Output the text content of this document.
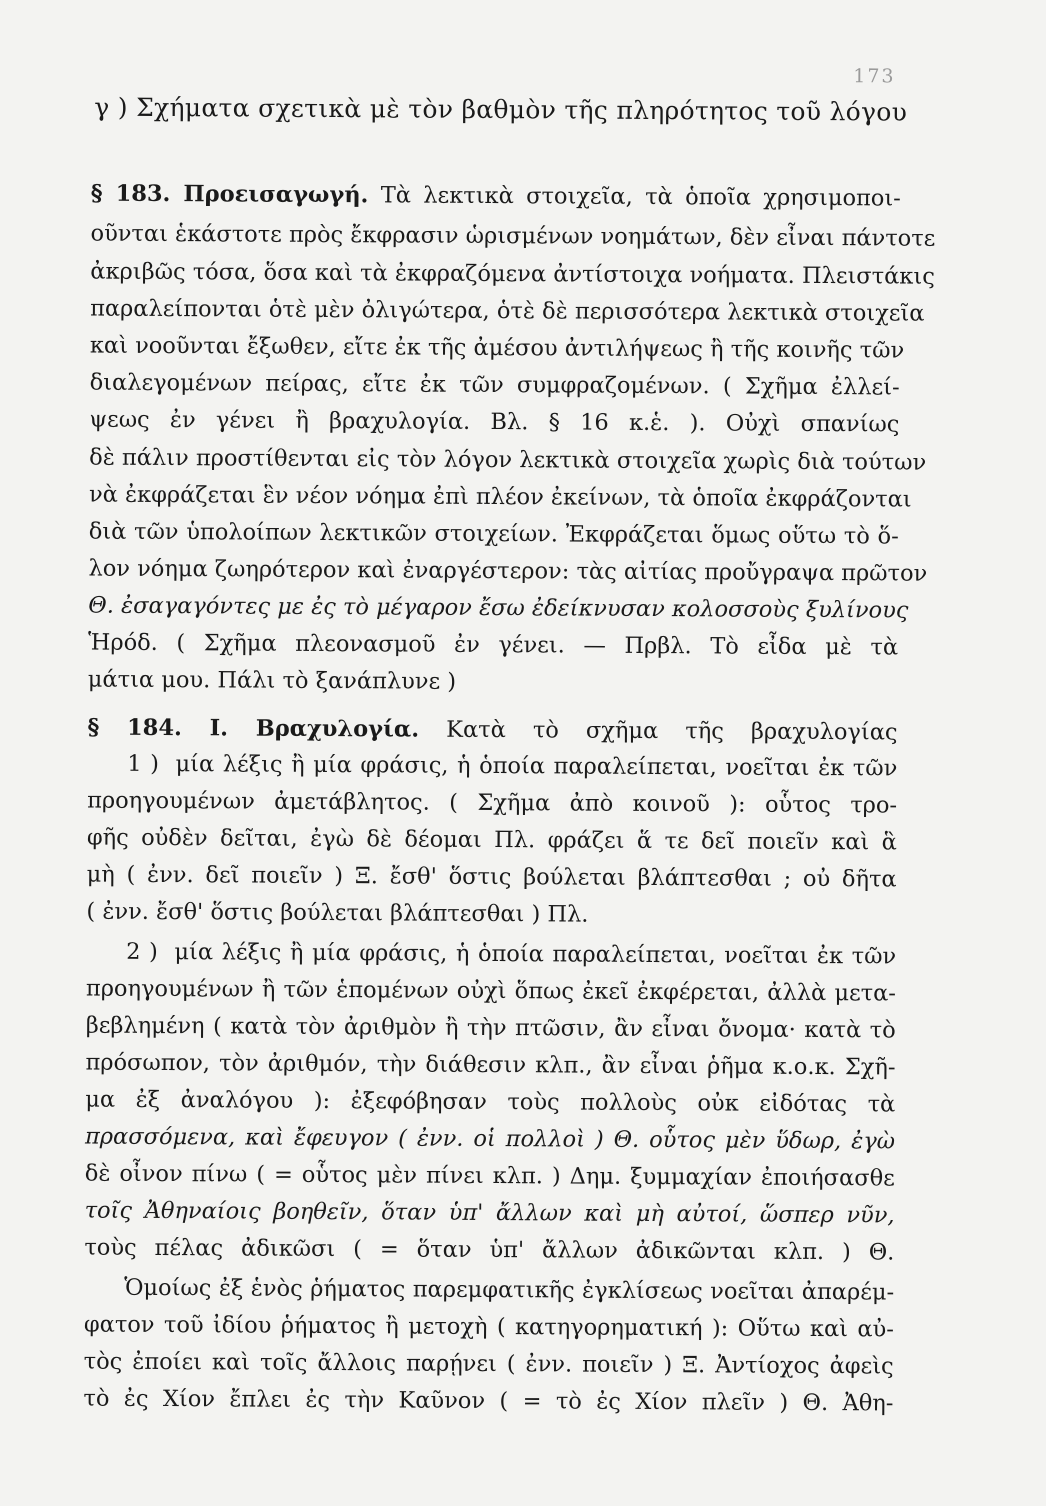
173
γ ) Σχήματα σχετικὰ μὲ τὸν βαθμὸν τῆς πληρότητος τοῦ λόγου
§ 183. Προεισαγωγή. Τὰ λεκτικὰ στοιχεῖα, τὰ ὁποῖα χρησιμοποι-
οῦνται ἑκάστοτε πρὸς ἔκφρασιν ὡρισμένων νοημάτων, δὲν εἶναι πάντοτε
ἀκριβῶς τόσα, ὅσα καὶ τὰ ἐκφραζόμενα ἀντίστοιχα νοήματα. Πλειστάκις
παραλείπονται ὁτὲ μὲν ὀλιγώτερα, ὁτὲ δὲ περισσότερα λεκτικὰ στοιχεῖα
καὶ νοοῦνται ἔξωθεν, εἴτε ἐκ τῆς ἀμέσου ἀντιλήψεως ἢ τῆς κοινῆς τῶν
διαλεγομένων πείρας, εἴτε ἐκ τῶν συμφραζομένων. ( Σχῆμα ἐλλεί-
ψεως ἐν γένει ἢ βραχυλογία. Βλ. § 16 κ.ἑ. ). Οὐχὶ σπανίως
δὲ πάλιν προστίθενται εἰς τὸν λόγον λεκτικὰ στοιχεῖα χωρὶς διὰ τούτων
νὰ ἐκφράζεται ἓν νέον νόημα ἐπὶ πλέον ἐκείνων, τὰ ὁποῖα ἐκφράζονται
διὰ τῶν ὑπολοίπων λεκτικῶν στοιχείων. Ἐκφράζεται ὅμως οὕτω τὸ ὅ-
λον νόημα ζωηρότερον καὶ ἐναργέστερον: τὰς αἰτίας προὔγραψα πρῶτον
Θ. ἐσαγαγόντες με ἐς τὸ μέγαρον ἔσω ἐδείκνυσαν κολοσσοὺς ξυλίνους
Ἡρόδ. ( Σχῆμα πλεονασμοῦ ἐν γένει. — Πρβλ. Τὸ εἶδα μὲ τὰ
μάτια μου. Πάλι τὸ ξανάπλυνε )
§ 184. Ι. Βραχυλογία. Κατὰ τὸ σχῆμα τῆς βραχυλογίας
1 ) μία λέξις ἢ μία φράσις, ἡ ὁποία παραλείπεται, νοεῖται ἐκ τῶν
προηγουμένων ἀμετάβλητος. ( Σχῆμα ἀπὸ κοινοῦ ): οὗτος τρο-
φῆς οὐδὲν δεῖται, ἐγὼ δὲ δέομαι Πλ. φράζει ἅ τε δεῖ ποιεῖν καὶ ἃ
μὴ ( ἐνν. δεῖ ποιεῖν ) Ξ. ἔσθ' ὅστις βούλεται βλάπτεσθαι ; οὐ δῆτα
( ἐνν. ἔσθ' ὅστις βούλεται βλάπτεσθαι ) Πλ.
2 ) μία λέξις ἢ μία φράσις, ἡ ὁποία παραλείπεται, νοεῖται ἐκ τῶν
προηγουμένων ἢ τῶν ἑπομένων οὐχὶ ὅπως ἐκεῖ ἐκφέρεται, ἀλλὰ μετα-
βεβλημένη ( κατὰ τὸν ἀριθμὸν ἢ τὴν πτῶσιν, ἂν εἶναι ὄνομα· κατὰ τὸ
πρόσωπον, τὸν ἀριθμόν, τὴν διάθεσιν κλπ., ἂν εἶναι ῥῆμα κ.ο.κ. Σχῆ-
μα ἐξ ἀναλόγου ): ἐξεφόβησαν τοὺς πολλοὺς οὐκ εἰδότας τὰ
πρασσόμενα, καὶ ἔφευγον ( ἐνν. οἱ πολλοὶ ) Θ. οὗτος μὲν ὕδωρ, ἐγὼ
δὲ οἶνον πίνω ( = οὗτος μὲν πίνει κλπ. ) Δημ. ξυμμαχίαν ἐποιήσασθε
τοῖς Ἀθηναίοις βοηθεῖν, ὅταν ὑπ' ἄλλων καὶ μὴ αὐτοί, ὥσπερ νῦν,
τοὺς πέλας ἀδικῶσι ( = ὅταν ὑπ' ἄλλων ἀδικῶνται κλπ. ) Θ.
Ὁμοίως ἐξ ἑνὸς ῥήματος παρεμφατικῆς ἐγκλίσεως νοεῖται ἀπαρέμ-
φατον τοῦ ἰδίου ῥήματος ἢ μετοχὴ ( κατηγορηματική ): Οὕτω καὶ αὐ-
τὸς ἐποίει καὶ τοῖς ἄλλοις παρῄνει ( ἐνν. ποιεῖν ) Ξ. Ἀντίοχος ἀφεὶς
τὸ ἐς Χίον ἔπλει ἐς τὴν Καῦνον ( = τὸ ἐς Χίον πλεῖν ) Θ. Ἀθη-
